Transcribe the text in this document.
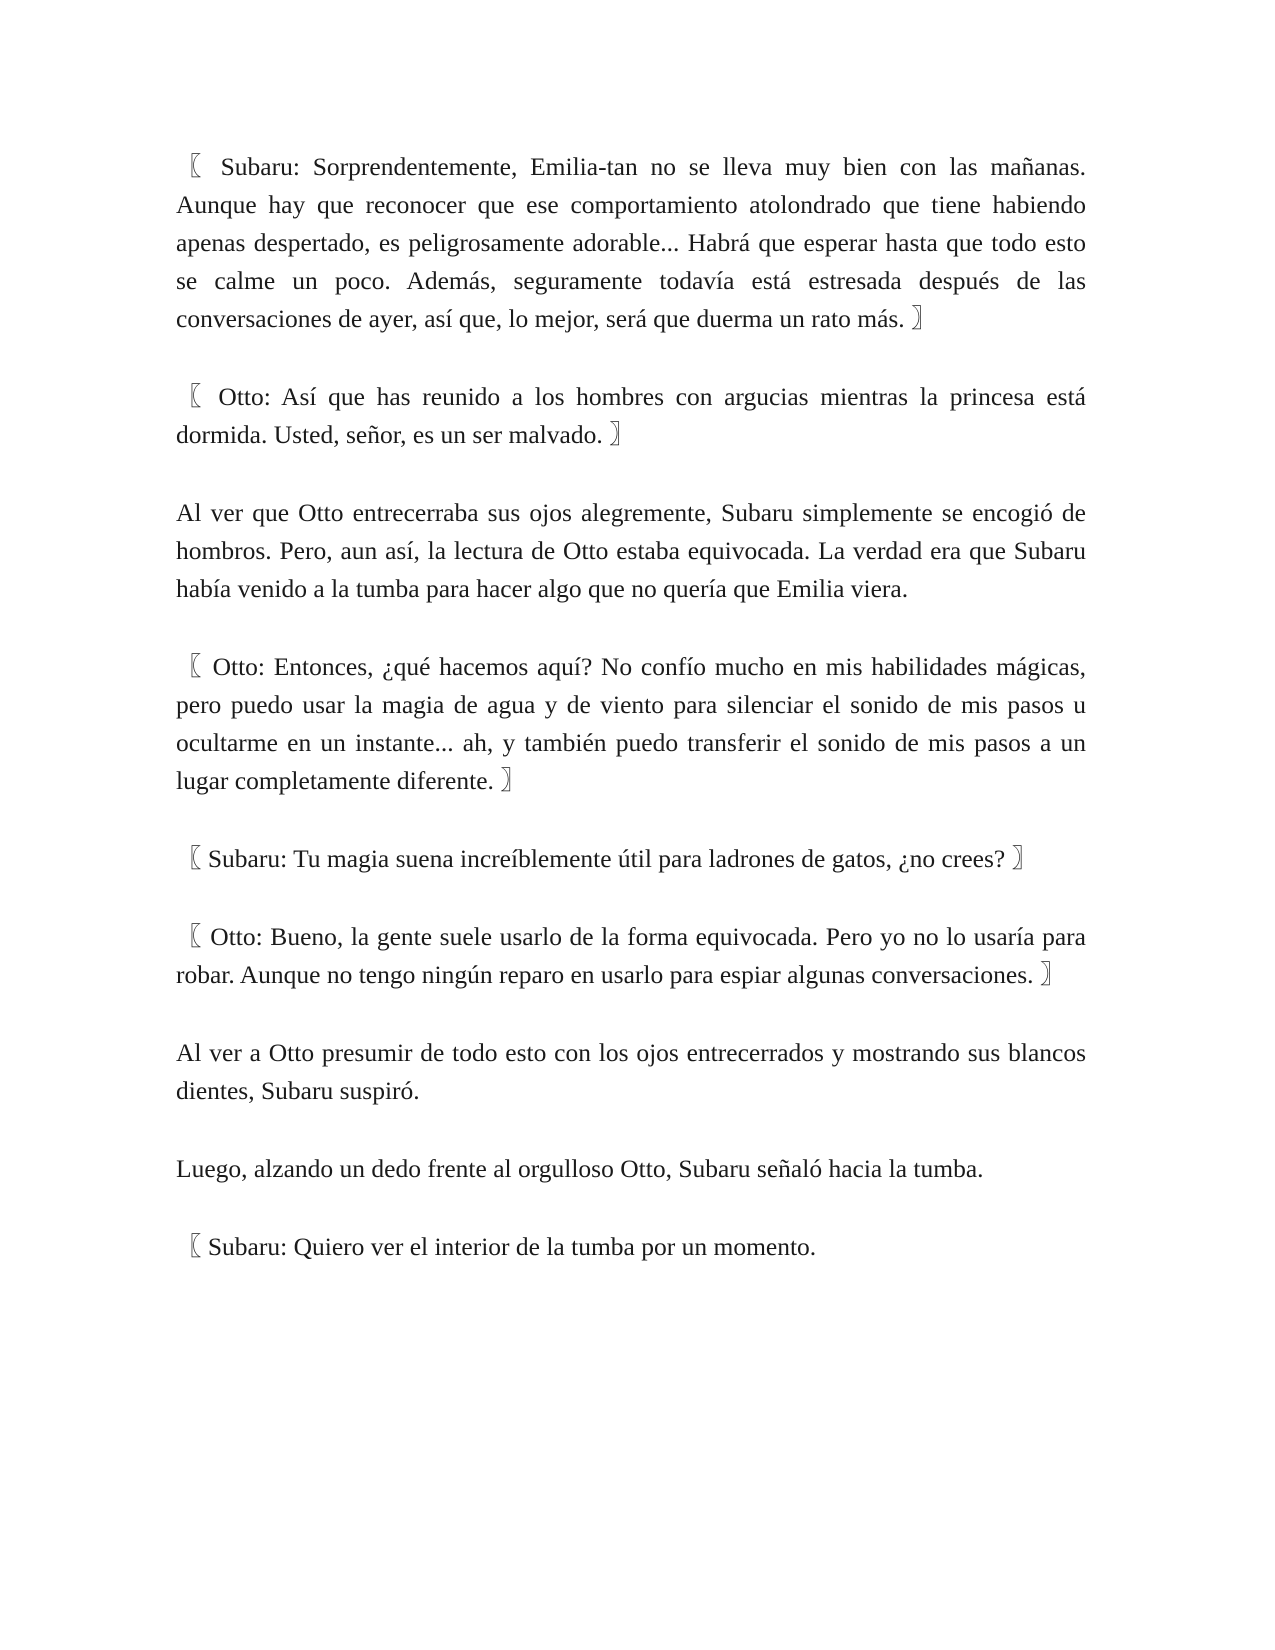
〖 Subaru: Sorprendentemente, Emilia-tan no se lleva muy bien con las mañanas. Aunque hay que reconocer que ese comportamiento atolondrado que tiene habiendo apenas despertado, es peligrosamente adorable... Habrá que esperar hasta que todo esto se calme un poco. Además, seguramente todavía está estresada después de las conversaciones de ayer, así que, lo mejor, será que duerma un rato más. 〗

〖 Otto: Así que has reunido a los hombres con argucias mientras la princesa está dormida. Usted, señor, es un ser malvado. 〗

Al ver que Otto entrecerraba sus ojos alegremente, Subaru simplemente se encogió de hombros. Pero, aun así, la lectura de Otto estaba equivocada. La verdad era que Subaru había venido a la tumba para hacer algo que no quería que Emilia viera.

〖 Otto: Entonces, ¿qué hacemos aquí? No confío mucho en mis habilidades mágicas, pero puedo usar la magia de agua y de viento para silenciar el sonido de mis pasos u ocultarme en un instante... ah, y también puedo transferir el sonido de mis pasos a un lugar completamente diferente. 〗

〖 Subaru: Tu magia suena increíblemente útil para ladrones de gatos, ¿no crees? 〗

〖 Otto: Bueno, la gente suele usarlo de la forma equivocada. Pero yo no lo usaría para robar. Aunque no tengo ningún reparo en usarlo para espiar algunas conversaciones. 〗

Al ver a Otto presumir de todo esto con los ojos entrecerrados y mostrando sus blancos dientes, Subaru suspiró.

Luego, alzando un dedo frente al orgulloso Otto, Subaru señaló hacia la tumba.

〖 Subaru: Quiero ver el interior de la tumba por un momento.
